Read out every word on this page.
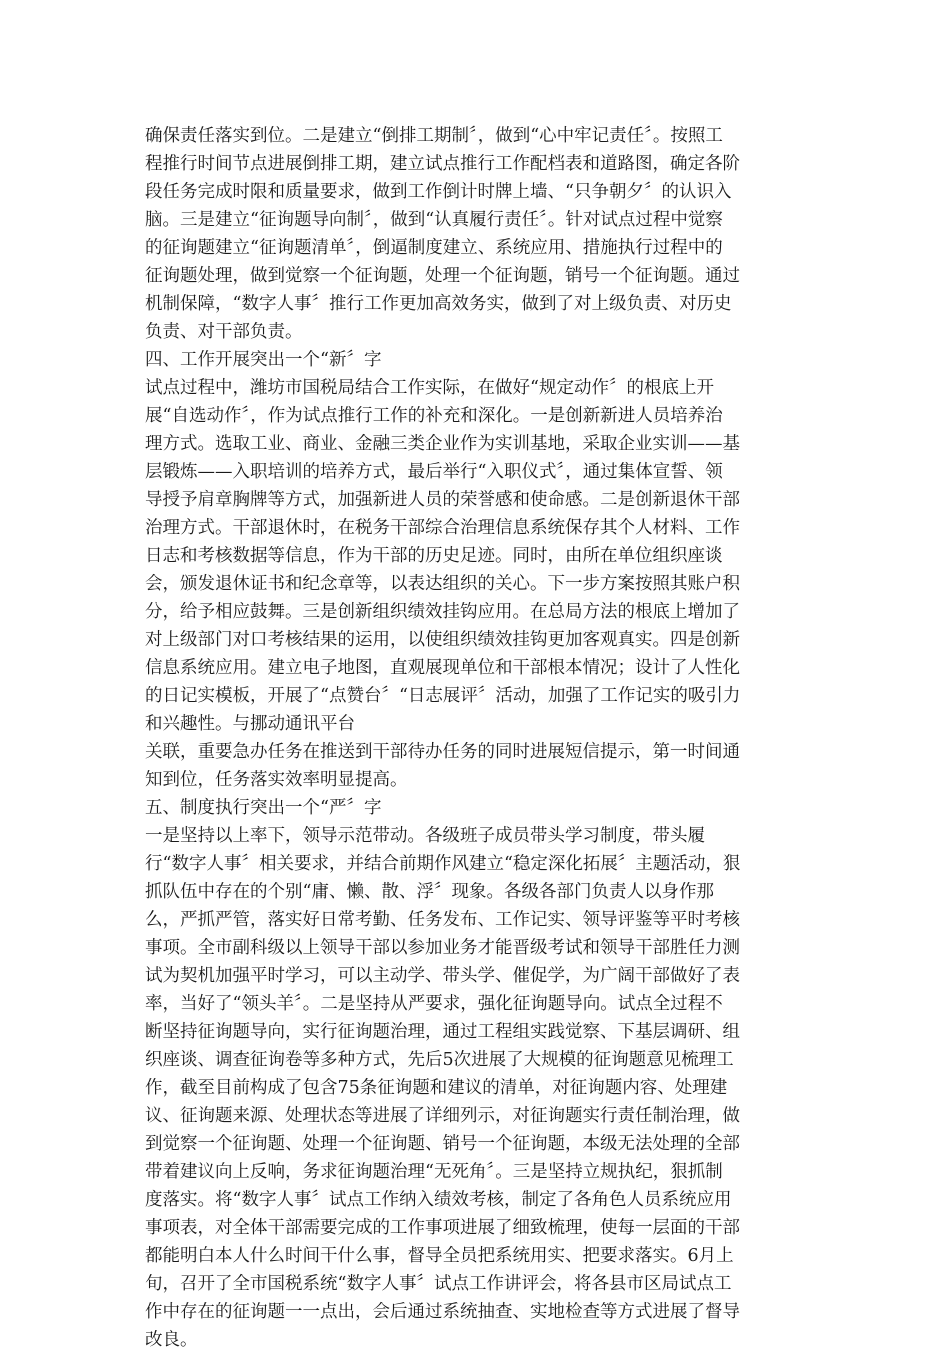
确保责任落实到位。二是建立“倒排工期制〞，做到“心中牢记责任〞。按照工
程推行时间节点进展倒排工期，建立试点推行工作配档表和道路图，确定各阶
段任务完成时限和质量要求，做到工作倒计时牌上墙、“只争朝夕〞的认识入
脑。三是建立“征询题导向制〞，做到“认真履行责任〞。针对试点过程中觉察
的征询题建立“征询题清单〞，倒逼制度建立、系统应用、措施执行过程中的
征询题处理，做到觉察一个征询题，处理一个征询题，销号一个征询题。通过
机制保障，“数字人事〞推行工作更加高效务实，做到了对上级负责、对历史
负责、对干部负责。
四、工作开展突出一个“新〞字
试点过程中，潍坊市国税局结合工作实际，在做好“规定动作〞的根底上开
展“自选动作〞，作为试点推行工作的补充和深化。一是创新新进人员培养治
理方式。选取工业、商业、金融三类企业作为实训基地，采取企业实训——基
层锻炼——入职培训的培养方式，最后举行“入职仪式〞，通过集体宣誓、领
导授予肩章胸牌等方式，加强新进人员的荣誉感和使命感。二是创新退休干部
治理方式。干部退休时，在税务干部综合治理信息系统保存其个人材料、工作
日志和考核数据等信息，作为干部的历史足迹。同时，由所在单位组织座谈
会，颁发退休证书和纪念章等，以表达组织的关心。下一步方案按照其账户积
分，给予相应鼓舞。三是创新组织绩效挂钩应用。在总局方法的根底上增加了
对上级部门对口考核结果的运用，以使组织绩效挂钩更加客观真实。四是创新
信息系统应用。建立电子地图，直观展现单位和干部根本情况；设计了人性化
的日记实模板，开展了“点赞台〞“日志展评〞活动，加强了工作记实的吸引力
和兴趣性。与挪动通讯平台
关联，重要急办任务在推送到干部待办任务的同时进展短信提示，第一时间通
知到位，任务落实效率明显提高。
五、制度执行突出一个“严〞字
一是坚持以上率下，领导示范带动。各级班子成员带头学习制度，带头履
行“数字人事〞相关要求，并结合前期作风建立“稳定深化拓展〞主题活动，狠
抓队伍中存在的个别“庸、懒、散、浮〞现象。各级各部门负责人以身作那
么，严抓严管，落实好日常考勤、任务发布、工作记实、领导评鉴等平时考核
事项。全市副科级以上领导干部以参加业务才能晋级考试和领导干部胜任力测
试为契机加强平时学习，可以主动学、带头学、催促学，为广阔干部做好了表
率，当好了“领头羊〞。二是坚持从严要求，强化征询题导向。试点全过程不
断坚持征询题导向，实行征询题治理，通过工程组实践觉察、下基层调研、组
织座谈、调查征询卷等多种方式，先后5次进展了大规模的征询题意见梳理工
作，截至目前构成了包含75条征询题和建议的清单，对征询题内容、处理建
议、征询题来源、处理状态等进展了详细列示，对征询题实行责任制治理，做
到觉察一个征询题、处理一个征询题、销号一个征询题，本级无法处理的全部
带着建议向上反响，务求征询题治理“无死角〞。三是坚持立规执纪，狠抓制
度落实。将“数字人事〞试点工作纳入绩效考核，制定了各角色人员系统应用
事项表，对全体干部需要完成的工作事项进展了细致梳理，使每一层面的干部
都能明白本人什么时间干什么事，督导全员把系统用实、把要求落实。6月上
旬，召开了全市国税系统“数字人事〞试点工作讲评会，将各县市区局试点工
作中存在的征询题一一点出，会后通过系统抽查、实地检查等方式进展了督导
改良。
